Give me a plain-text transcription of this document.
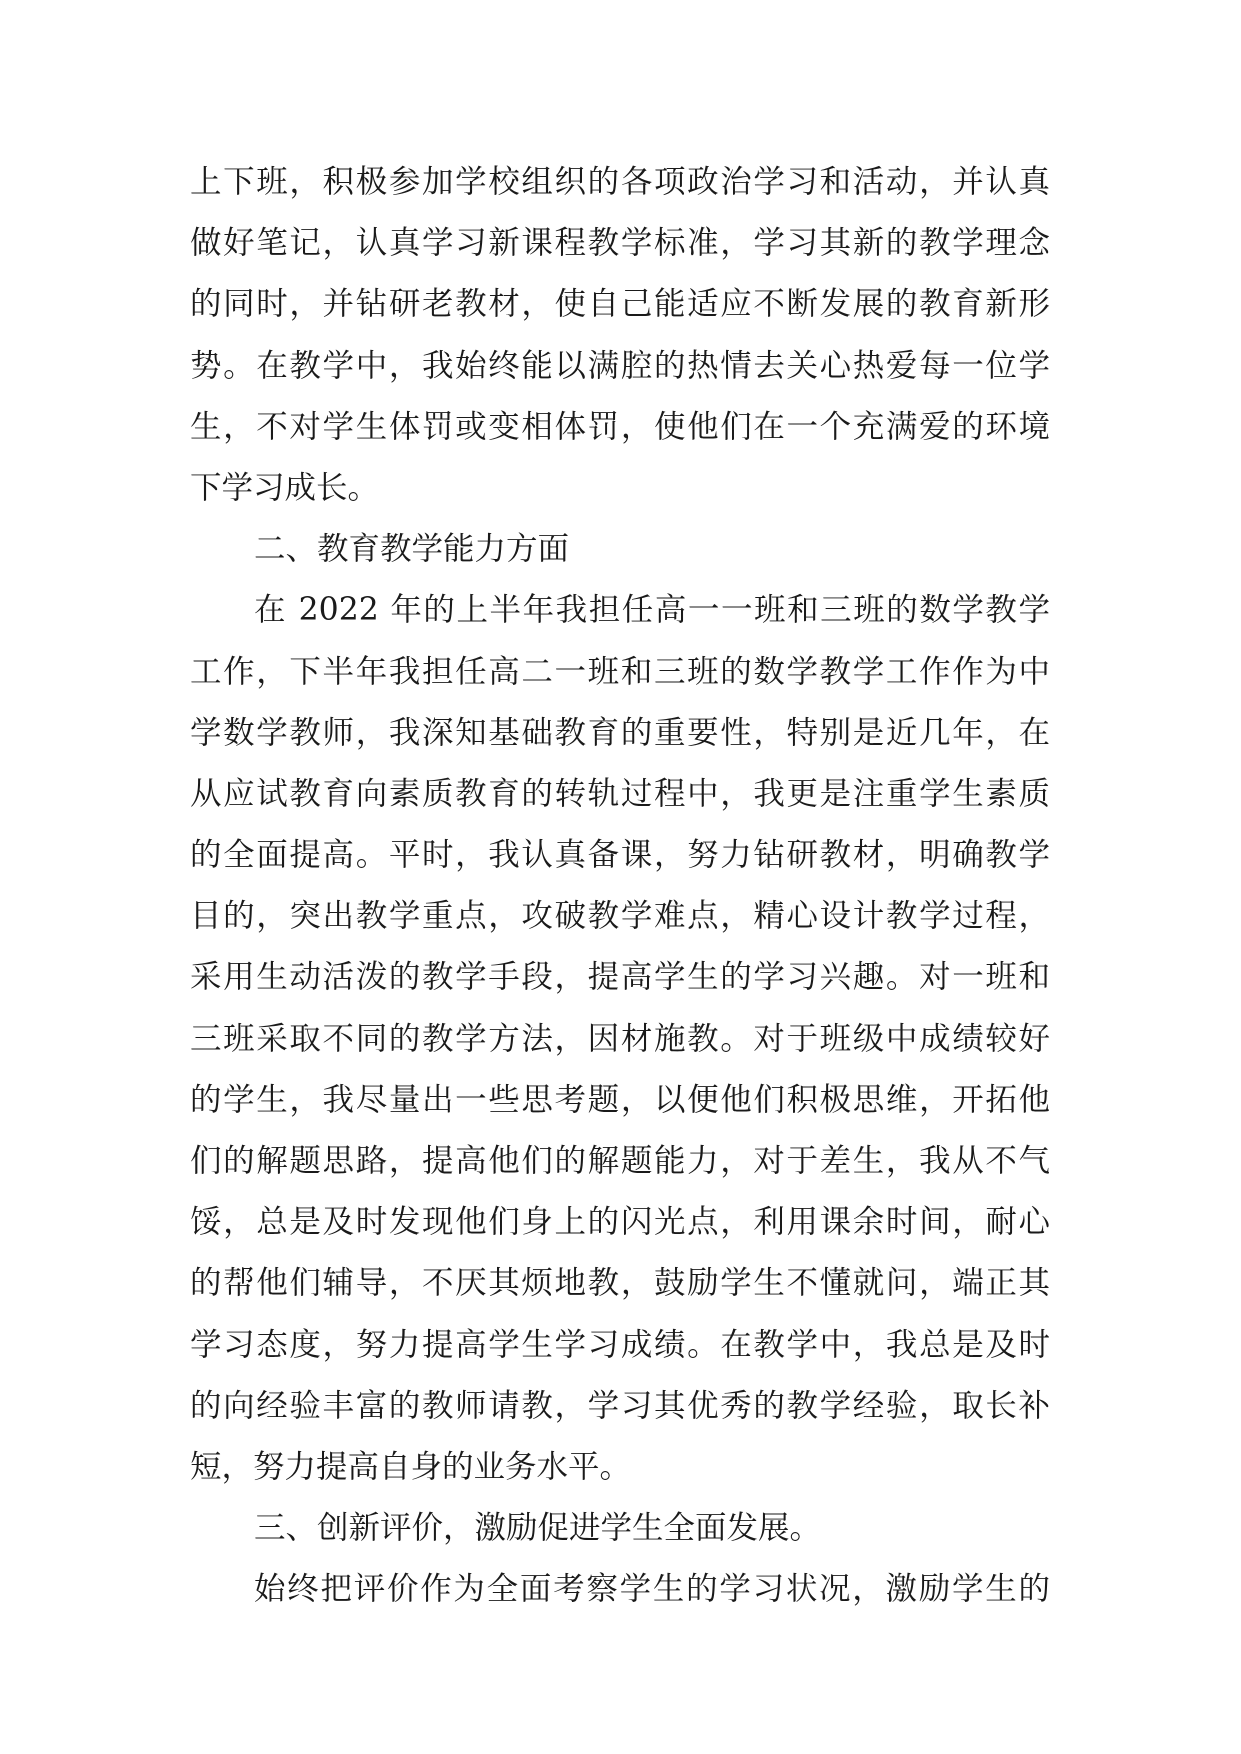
上下班，积极参加学校组织的各项政治学习和活动，并认真
做好笔记，认真学习新课程教学标准，学习其新的教学理念
的同时，并钻研老教材，使自己能适应不断发展的教育新形
势。在教学中，我始终能以满腔的热情去关心热爱每一位学
生，不对学生体罚或变相体罚，使他们在一个充满爱的环境
下学习成长。
二、教育教学能力方面
在 2022 年的上半年我担任高一一班和三班的数学教学
工作，下半年我担任高二一班和三班的数学教学工作作为中
学数学教师，我深知基础教育的重要性，特别是近几年，在
从应试教育向素质教育的转轨过程中，我更是注重学生素质
的全面提高。平时，我认真备课，努力钻研教材，明确教学
目的，突出教学重点，攻破教学难点，精心设计教学过程，
采用生动活泼的教学手段，提高学生的学习兴趣。对一班和
三班采取不同的教学方法，因材施教。对于班级中成绩较好
的学生，我尽量出一些思考题，以便他们积极思维，开拓他
们的解题思路，提高他们的解题能力，对于差生，我从不气
馁，总是及时发现他们身上的闪光点，利用课余时间，耐心
的帮他们辅导，不厌其烦地教，鼓励学生不懂就问，端正其
学习态度，努力提高学生学习成绩。在教学中，我总是及时
的向经验丰富的教师请教，学习其优秀的教学经验，取长补
短，努力提高自身的业务水平。
三、创新评价，激励促进学生全面发展。
始终把评价作为全面考察学生的学习状况，激励学生的
